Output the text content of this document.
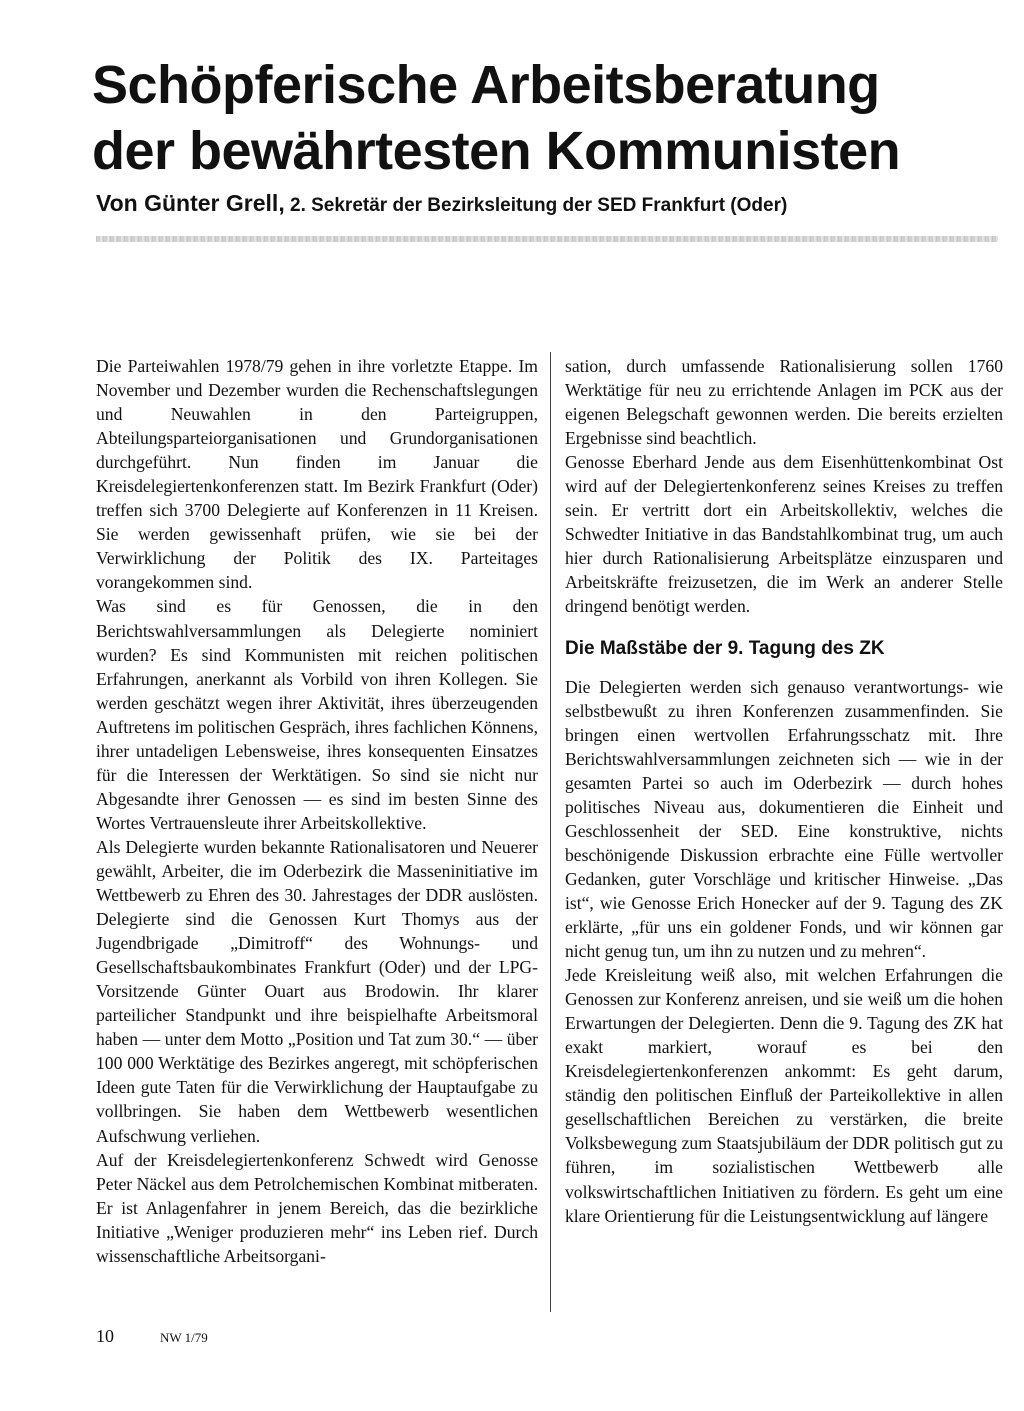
Schöpferische Arbeitsberatung
der bewährtesten Kommunisten
Von Günter Grell, 2. Sekretär der Bezirksleitung der SED Frankfurt (Oder)

Die Parteiwahlen 1978/79 gehen in ihre vorletzte Etappe. Im November und Dezember wurden die Rechenschaftslegungen und Neuwahlen in den Parteigruppen, Abteilungsparteiorganisationen und Grundorganisationen durchgeführt. Nun finden im Januar die Kreisdelegiertenkonferenzen statt. Im Bezirk Frankfurt (Oder) treffen sich 3700 Delegierte auf Konferenzen in 11 Kreisen. Sie werden gewissenhaft prüfen, wie sie bei der Verwirklichung der Politik des IX. Parteitages vorangekommen sind.

Was sind es für Genossen, die in den Berichtswahlversammlungen als Delegierte nominiert wurden? Es sind Kommunisten mit reichen politischen Erfahrungen, anerkannt als Vorbild von ihren Kollegen. Sie werden geschätzt wegen ihrer Aktivität, ihres überzeugenden Auftretens im politischen Gespräch, ihres fachlichen Könnens, ihrer untadeligen Lebensweise, ihres konsequenten Einsatzes für die Interessen der Werktätigen. So sind sie nicht nur Abgesandte ihrer Genossen — es sind im besten Sinne des Wortes Vertrauensleute ihrer Arbeitskollektive.

Als Delegierte wurden bekannte Rationalisatoren und Neuerer gewählt, Arbeiter, die im Oderbezirk die Masseninitiative im Wettbewerb zu Ehren des 30. Jahrestages der DDR auslösten. Delegierte sind die Genossen Kurt Thomys aus der Jugendbrigade „Dimitroff“ des Wohnungs- und Gesellschaftsbaukombinates Frankfurt (Oder) und der LPG-Vorsitzende Günter Ouart aus Brodowin. Ihr klarer parteilicher Standpunkt und ihre beispielhafte Arbeitsmoral haben — unter dem Motto „Position und Tat zum 30.“ — über 100 000 Werktätige des Bezirkes angeregt, mit schöpferischen Ideen gute Taten für die Verwirklichung der Hauptaufgabe zu vollbringen. Sie haben dem Wettbewerb wesentlichen Aufschwung verliehen.

Auf der Kreisdelegiertenkonferenz Schwedt wird Genosse Peter Näckel aus dem Petrolchemischen Kombinat mitberaten. Er ist Anlagenfahrer in jenem Bereich, das die bezirkliche Initiative „Weniger produzieren mehr“ ins Leben rief. Durch wissenschaftliche Arbeitsorgani-

sation, durch umfassende Rationalisierung sollen 1760 Werktätige für neu zu errichtende Anlagen im PCK aus der eigenen Belegschaft gewonnen werden. Die bereits erzielten Ergebnisse sind beachtlich.

Genosse Eberhard Jende aus dem Eisenhüttenkombinat Ost wird auf der Delegiertenkonferenz seines Kreises zu treffen sein. Er vertritt dort ein Arbeitskollektiv, welches die Schwedter Initiative in das Bandstahlkombinat trug, um auch hier durch Rationalisierung Arbeitsplätze einzusparen und Arbeitskräfte freizusetzen, die im Werk an anderer Stelle dringend benötigt werden.

Die Maßstäbe der 9. Tagung des ZK

Die Delegierten werden sich genauso verantwortungs- wie selbstbewußt zu ihren Konferenzen zusammenfinden. Sie bringen einen wertvollen Erfahrungsschatz mit. Ihre Berichtswahlversammlungen zeichneten sich — wie in der gesamten Partei so auch im Oderbezirk — durch hohes politisches Niveau aus, dokumentieren die Einheit und Geschlossenheit der SED. Eine konstruktive, nichts beschönigende Diskussion erbrachte eine Fülle wertvoller Gedanken, guter Vorschläge und kritischer Hinweise. „Das ist“, wie Genosse Erich Honecker auf der 9. Tagung des ZK erklärte, „für uns ein goldener Fonds, und wir können gar nicht genug tun, um ihn zu nutzen und zu mehren“.

Jede Kreisleitung weiß also, mit welchen Erfahrungen die Genossen zur Konferenz anreisen, und sie weiß um die hohen Erwartungen der Delegierten. Denn die 9. Tagung des ZK hat exakt markiert, worauf es bei den Kreisdelegiertenkonferenzen ankommt: Es geht darum, ständig den politischen Einfluß der Parteikollektive in allen gesellschaftlichen Bereichen zu verstärken, die breite Volksbewegung zum Staatsjubiläum der DDR politisch gut zu führen, im sozialistischen Wettbewerb alle volkswirtschaftlichen Initiativen zu fördern. Es geht um eine klare Orientierung für die Leistungsentwicklung auf längere

10	NW 1/79
